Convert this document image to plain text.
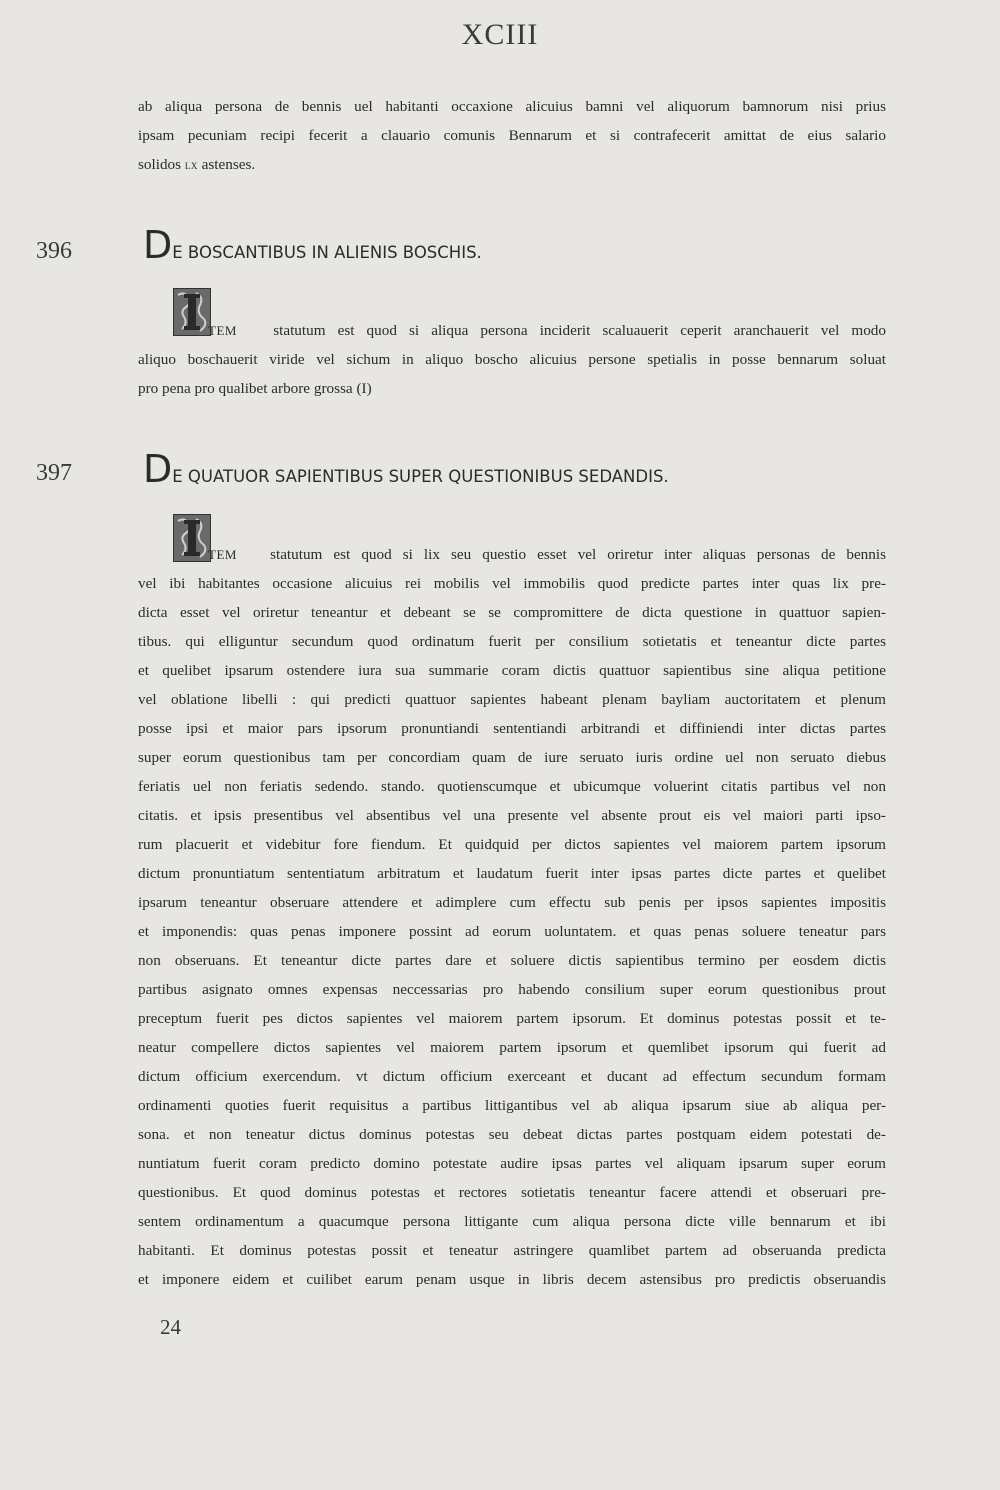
XCIII
ab aliqua persona de bennis uel habitanti occaxione alicuius bamni vel aliquorum bamnorum nisi prius
ipsam pecuniam recipi fecerit a clauario comunis Bennarum et si contrafecerit amittat de eius salario
solidos lx astenses.
396 DE BOSCANTIBUS IN ALIENIS BOSCHIS.
TEM statutum est quod si aliqua persona inciderit scaluauerit ceperit aranchauerit vel modo
aliquo boschauerit viride vel sichum in aliquo boscho alicuius persone spetialis in posse bennarum soluat
pro pena pro qualibet arbore grossa (I)
397 DE QUATUOR SAPIENTIBUS SUPER QUESTIONIBUS SEDANDIS.
TEM statutum est quod si lix seu questio esset vel oriretur inter aliquas personas de bennis
vel ibi habitantes occasione alicuius rei mobilis vel immobilis quod predicte partes inter quas lix pre-
dicta esset vel oriretur teneantur et debeant se se compromittere de dicta questione in quattuor sapien-
tibus. qui elliguntur secundum quod ordinatum fuerit per consilium sotietatis et teneantur dicte partes
et quelibet ipsarum ostendere iura sua summarie coram dictis quattuor sapientibus sine aliqua petitione
vel oblatione libelli : qui predicti quattuor sapientes habeant plenam bayliam auctoritatem et plenum
posse ipsi et maior pars ipsorum pronuntiandi sententiandi arbitrandi et diffiniendi inter dictas partes
super eorum questionibus tam per concordiam quam de iure seruato iuris ordine uel non seruato diebus
feriatis uel non feriatis sedendo. stando. quotienscumque et ubicumque voluerint citatis partibus vel non
citatis. et ipsis presentibus vel absentibus vel una presente vel absente prout eis vel maiori parti ipso-
rum placuerit et videbitur fore fiendum. Et quidquid per dictos sapientes vel maiorem partem ipsorum
dictum pronuntiatum sententiatum arbitratum et laudatum fuerit inter ipsas partes dicte partes et quelibet
ipsarum teneantur obseruare attendere et adimplere cum effectu sub penis per ipsos sapientes impositis
et imponendis: quas penas imponere possint ad eorum uoluntatem. et quas penas soluere teneatur pars
non obseruans. Et teneantur dicte partes dare et soluere dictis sapientibus termino per eosdem dictis
partibus asignato omnes expensas neccessarias pro habendo consilium super eorum questionibus prout
preceptum fuerit pes dictos sapientes vel maiorem partem ipsorum. Et dominus potestas possit et te-
neatur compellere dictos sapientes vel maiorem partem ipsorum et quemlibet ipsorum qui fuerit ad
dictum officium exercendum. vt dictum officium exerceant et ducant ad effectum secundum formam
ordinamenti quoties fuerit requisitus a partibus littigantibus vel ab aliqua ipsarum siue ab aliqua per-
sona. et non teneatur dictus dominus potestas seu debeat dictas partes postquam eidem potestati de-
nuntiatum fuerit coram predicto domino potestate audire ipsas partes vel aliquam ipsarum super eorum
questionibus. Et quod dominus potestas et rectores sotietatis teneantur facere attendi et obseruari pre-
sentem ordinamentum a quacumque persona littigante cum aliqua persona dicte ville bennarum et ibi
habitanti. Et dominus potestas possit et teneatur astringere quamlibet partem ad obseruanda predicta
et imponere eidem et cuilibet earum penam usque in libris decem astensibus pro predictis obseruandis
24
